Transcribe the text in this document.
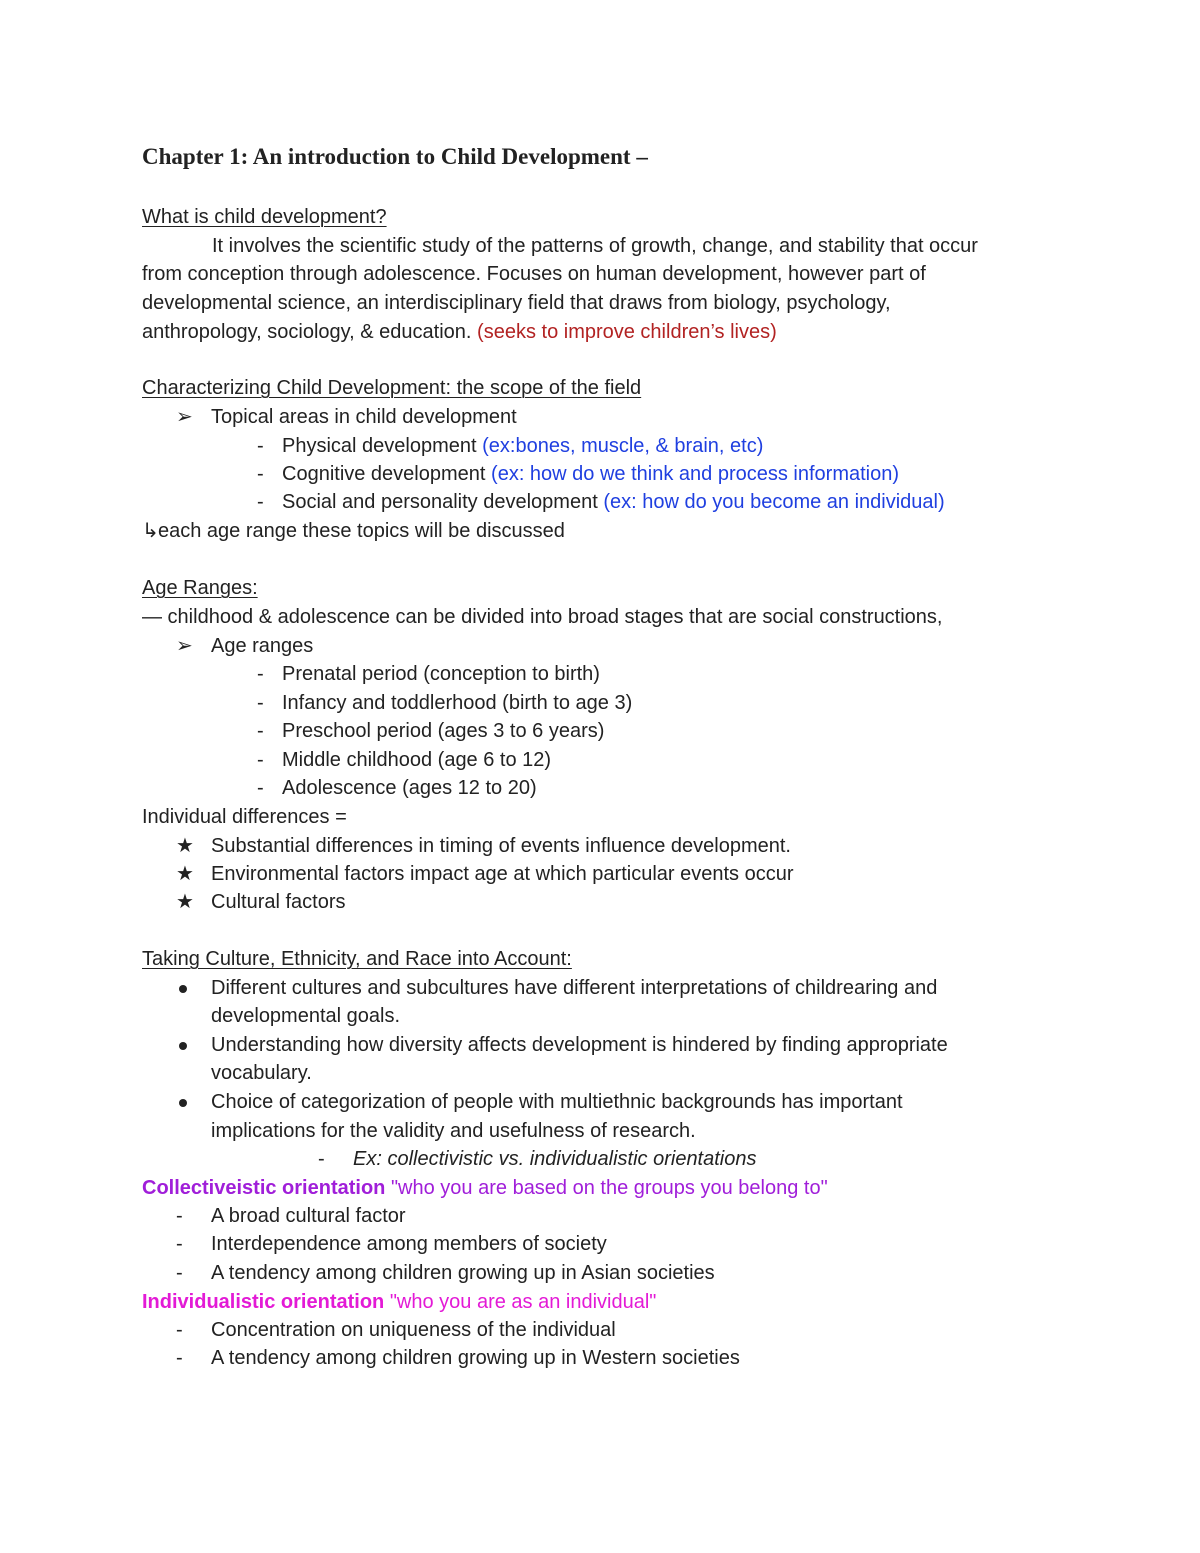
Chapter 1: An introduction to Child Development –
What is child development?
It involves the scientific study of the patterns of growth, change, and stability that occur
from conception through adolescence. Focuses on human development, however part of
developmental science, an interdisciplinary field that draws from biology, psychology,
anthropology, sociology, & education. (seeks to improve children’s lives)
Characterizing Child Development: the scope of the field
➢ Topical areas in child development
- Physical development (ex:bones, muscle, & brain, etc)
- Cognitive development (ex: how do we think and process information)
- Social and personality development (ex: how do you become an individual)
↳ each age range these topics will be discussed
Age Ranges:
— childhood & adolescence can be divided into broad stages that are social constructions,
➢ Age ranges
- Prenatal period (conception to birth)
- Infancy and toddlerhood (birth to age 3)
- Preschool period (ages 3 to 6 years)
- Middle childhood (age 6 to 12)
- Adolescence (ages 12 to 20)
Individual differences =
★ Substantial differences in timing of events influence development.
★ Environmental factors impact age at which particular events occur
★ Cultural factors
Taking Culture, Ethnicity, and Race into Account:
Different cultures and subcultures have different interpretations of childrearing and
developmental goals.
Understanding how diversity affects development is hindered by finding appropriate
vocabulary.
Choice of categorization of people with multiethnic backgrounds has important
implications for the validity and usefulness of research.
- Ex: collectivistic vs. individualistic orientations
Collectiveistic orientation "who you are based on the groups you belong to"
- A broad cultural factor
- Interdependence among members of society
- A tendency among children growing up in Asian societies
Individualistic orientation "who you are as an individual"
- Concentration on uniqueness of the individual
- A tendency among children growing up in Western societies
